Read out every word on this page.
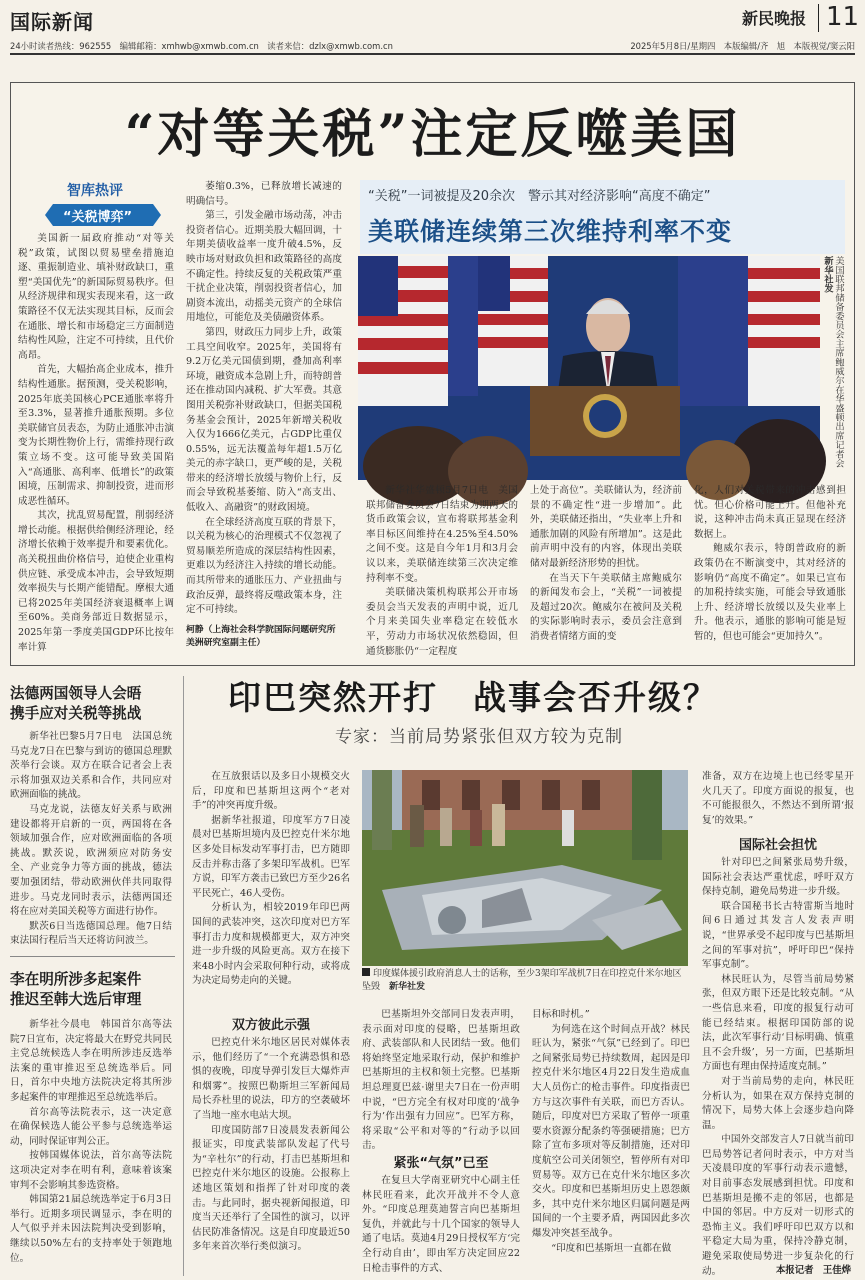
国际新闻	新民晚报 11
24小时读者热线：962555　编辑邮箱：xmhwb@xmwb.com.cn　读者来信：dzlx@xmwb.com.cn	2025年5月8日/星期四　本版编辑/齐　旭　本版视觉/窦云阳
“对等关税”注定反噬美国
智库热评
“关税博弈”

美国新一届政府推动“对等关税”政策，试图以贸易壁垒措施迫逐、重振制造业、填补财政缺口，重塑“美国优先”的新国际贸易秩序。但从经济规律和现实表现来看，这一政策路径不仅无法实现其目标，反而会在通胀、增长和市场稳定三方面制造结构性风险，注定不可持续，且代价高昂。

首先，大幅抬高企业成本，推升结构性通胀。据预测，受关税影响，2025年底美国核心PCE通胀率将升至3.3%，显著推升通胀预期。多位美联储官员表态，为防止通胀冲击演变为长期性物价上行，需维持现行政策立场不变。这可能导致美国陷入“高通胀、高利率、低增长”的政策困境，压制需求、抑制投资，进而形成恶性循环。

其次，扰乱贸易配置，削弱经济增长动能。根据供给侧经济理论，经济增长依赖于效率提升和要素优化。高关税扭曲价格信号，迫使企业重构供应链、承受成本冲击，会导致短期效率损失与长期产能错配。摩根大通已将2025年美国经济衰退概率上调至60%。美商务部近日数据显示，2025年第一季度美国GDP环比按年率计算

萎缩0.3%，已释放增长减速的明确信号。

第三，引发金融市场动荡，冲击投资者信心。近期美股大幅回调，十年期美债收益率一度升破4.5%，反映市场对财政负担和政策路径的高度不确定性。持续反复的关税政策严重干扰企业决策，削弱投资者信心，加剧资本流出，动摇美元资产的全球信用地位，可能危及美债融资体系。

第四，财政压力同步上升，政策工具空间收窄。2025年，美国将有9.2万亿美元国债到期，叠加高利率环境，融资成本急剧上升，而特朗普还在推动国内减税、扩大军费。其意图用关税弥补财政缺口，但据美国税务基金会预计，2025年新增关税收入仅为1666亿美元，占GDP比重仅0.55%，远无法覆盖每年超1.5万亿美元的赤字缺口，更严峻的是，关税带来的经济增长放缓与物价上行，反而会导致税基萎缩、防入“高支出、低收入、高融资”的财政困境。

在全球经济高度互联的背景下，以关税为核心的治理模式不仅忽视了贸易顺差所造成的深层结构性因素，更难以为经济注入持续的增长动能。而其所带来的通胀压力、产业扭曲与政治反弹，最终将反噬政策本身，注定不可持续。

柯静（上海社会科学院国际问题研究所美洲研究室副主任）
“关税”一词被提及20余次　警示其对经济影响“高度不确定”
美联储连续第三次维持利率不变
美国联邦储备委员会主席鲍威尔在华盛顿出席记者会　新华社发

新华社华盛顿5月7日电　美国联邦储备委员会7日结束为期两天的货币政策会议，宣布将联邦基金利率目标区间维持在4.25%至4.50%之间不变。这是自今年1月和3月会议以来，美联储连续第三次决定维持利率不变。

美联储决策机构联邦公开市场委员会当天发表的声明中说，近几个月来美国失业率稳定在较低水平，劳动力市场状况依然稳固，但通货膨胀仍“一定程度

上处于高位”。美联储认为，经济前景的不确定性“进一步增加”。此外，美联储还指出，“失业率上升和通胀加剧的风险有所增加”。这是此前声明中没有的内容，体现出美联储对最新经济形势的担忧。

在当天下午美联储主席鲍威尔的新闻发布会上，“关税”一词被提及超过20次。鲍威尔在被问及关税的实际影响时表示，委员会注意到消费者情绪方面的变

化，人们对关税带来的冲击感到担忧。但心价格可能上升。但他补充说，这种冲击尚未真正显现在经济数据上。

鲍威尔表示，特朗普政府的新政策仍在不断演变中，其对经济的影响仍“高度不确定”。如果已宣布的加税持续实施，可能会导致通胀上升、经济增长放缓以及失业率上升。他表示，通胀的影响可能是短暂的，但也可能会“更加持久”。

法德两国领导人会晤
携手应对关税等挑战

新华社巴黎5月7日电　法国总统马克龙7日在巴黎与到访的德国总理默茨举行会谈。双方在联合记者会上表示将加强双边关系和合作，共同应对欧洲面临的挑战。

马克龙说，法德友好关系与欧洲建设都将开启新的一页，两国将在各领域加强合作，应对欧洲面临的各项挑战。默茨说，欧洲须应对防务安全、产业竞争力等方面的挑战，德法要加强团结，带动欧洲伙伴共同取得进步。马克龙同时表示，法德两国还将在应对美国关税等方面进行协作。

默茨6日当选德国总理。他7日结束法国行程后当天还将访问波兰。

李在明所涉多起案件
推迟至韩大选后审理

新华社今晨电　韩国首尔高等法院7日宣布，决定将最大在野党共同民主党总统候选人李在明所涉违反选举法案的重审推迟至总统选举后。同日，首尔中央地方法院决定将其所涉多起案件的审理推迟至总统选举后。

首尔高等法院表示，这一决定意在确保候选人能公平参与总统选举运动，同时保证审判公正。

按韩国媒体说法，首尔高等法院这项决定对李在明有利，意味着该案审判不会影响其参选资格。

韩国第21届总统选举定于6月3日举行。近期多项民调显示，李在明的人气似乎并未因法院判决受到影响，继续以50%左右的支持率处于领跑地位。

印巴突然开打　战事会否升级？
专家：当前局势紧张但双方较为克制
印度媒体援引政府消息人士的话称，至少3架印军战机7日在印控克什米尔地区坠毁　 新华社发

在互放狠话以及多日小规模交火后，印度和巴基斯坦这两个“老对手”的冲突再度升级。

据新华社报道，印度军方7日凌晨对巴基斯坦境内及巴控克什米尔地区多处目标发动军事打击，巴方随即反击并称击落了多架印军战机。巴军方说，印军方袭击已致巴方至少26名平民死亡，46人受伤。

分析认为，相较2019年印巴两国间的武装冲突，这次印度对巴方军事打击力度和规模都更大，双方冲突进一步升级的风险更高。双方在接下来48小时内会采取何种行动，或将成为决定局势走向的关键。

双方彼此示强

巴控克什米尔地区居民对媒体表示，他们经历了“一个充满恐惧和恐惧的夜晚，印度导弹引发巨大爆炸声和烟雾”。按照巴勒斯坦三军新闻局局长乔杜里的说法，印方的空袭破坏了当地一座水电站大坝。

印度国防部7日凌晨发表新闻公报证实，印度武装部队发起了代号为“辛杜尔”的行动，打击巴基斯坦和巴控克什米尔地区的设施。公报称上述地区策划和指挥了针对印度的袭击。与此同时，据央视新闻报道，印度当天还举行了全国性的演习，以评估民防准备情况。这是自印度最近50多年来首次举行类似演习。

巴基斯坦外交部同日发表声明，表示面对印度的侵略，巴基斯坦政府、武装部队和人民团结一致。他们将始终坚定地采取行动，保护和维护巴基斯坦的主权和领土完整。巴基斯坦总理夏巴兹·谢里夫7日在一份声明中说，“巴方完全有权对印度的‘战争行为’作出强有力回应”。巴军方称，将采取“公平和对等的”行动予以回击。

紧张“气氛”已至

在复旦大学南亚研究中心副主任林民旺看来，此次开战并不令人意外。“印度总理莫迪誓言向巴基斯坦复仇，并就此与十几个国家的领导人通了电话。莫迪4月29日授权军方‘完全行动自由’，即由军方决定回应22日枪击事件的方式、

目标和时机。”

为何选在这个时间点开战？林民旺认为，紧张“气氛”已经到了。印巴之间紧张局势已持续数周，起因是印控克什米尔地区4月22日发生造成血大人员伤亡的枪击事件。印度指责巴方与这次事件有关联，而巴方否认。随后，印度对巴方采取了暂停一项重要水资源分配条约等强硬措施；巴方除了宣布多项对等反制措施，还对印度航空公司关闭领空，暂停所有对印贸易等。双方已在克什米尔地区多次交火。印度和巴基斯坦历史上恩怨颇多，其中克什米尔地区归属问题是两国间的一个主要矛盾，两国因此多次爆发冲突甚至战争。

“印度和巴基斯坦一直都在做

准备，双方在边境上也已经零星开火几天了。印度方面说的报复，也不可能报很久，不然达不到所谓‘报复’的效果。”

国际社会担忧

针对印巴之间紧张局势升级，国际社会表达严重忧虑，呼吁双方保持克制，避免局势进一步升级。

联合国秘书长古特雷斯当地时间6日通过其发言人发表声明说，“世界承受不起印度与巴基斯坦之间的军事对抗”，呼吁印巴“保持军事克制”。

林民旺认为，尽管当前局势紧张，但双方眼下还是比较克制。“从一些信息来看，印度的报复行动可能已经结束。根据印国防部的说法，此次军事行动‘目标明确、慎重且不会升级’，另一方面，巴基斯坦方面也有理由保持适度克制。”

对于当前局势的走向，林民旺分析认为，如果在双方保持克制的情况下，局势大体上会逐步趋向降温。

中国外交部发言人7日就当前印巴局势答记者问时表示，中方对当天凌晨印度的军事行动表示遗憾，对目前事态发展感到担忧。印度和巴基斯坦是搬不走的邻居，也都是中国的邻居。中方反对一切形式的恐怖主义。我们呼吁印巴双方以和平稳定大局为重，保持冷静克制，避免采取使局势进一步复杂化的行动。	本报记者　王佳烨
